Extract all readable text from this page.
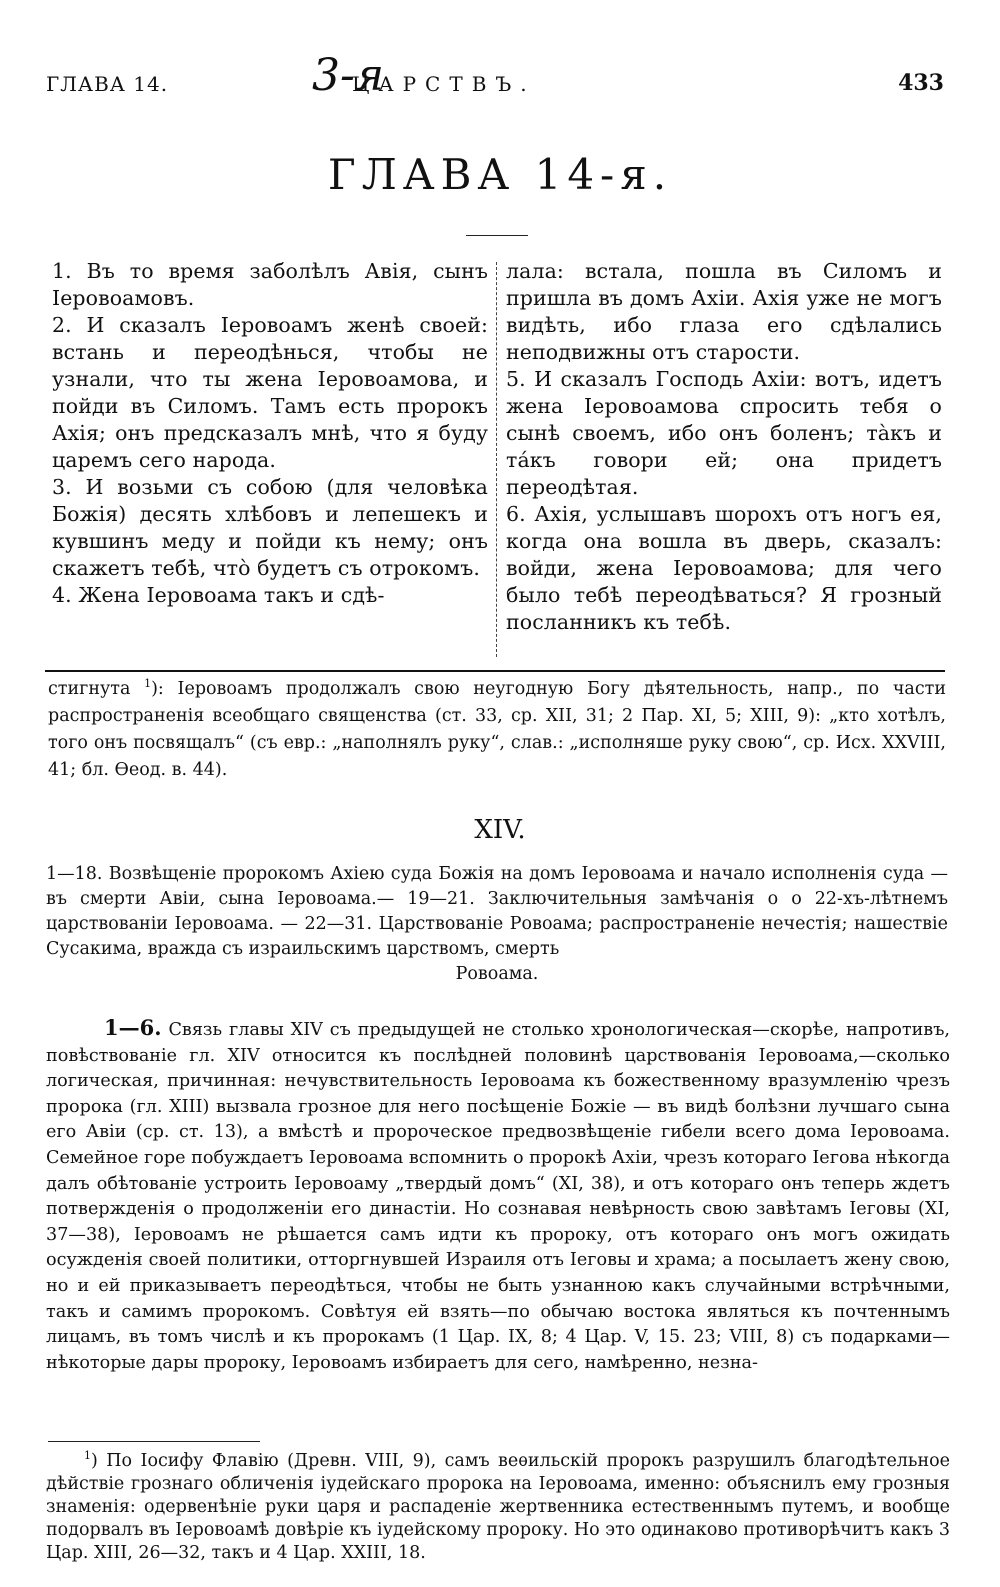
ГЛАВА 14.	3-я
ЦАРСТВЪ.	433
ГЛАВА 14-я.

1. Въ то время заболѣлъ Авія, сынъ Іеровоамовъ.

2. И сказалъ Іеровоамъ женѣ своей: встань и переодѣнься, чтобы не узнали, что ты жена Іеровоамова, и пойди въ Силомъ. Тамъ есть пророкъ Ахія; онъ предсказалъ мнѣ, что я буду царемъ сего народа.

3. И возьми съ собою (для человѣка Божія) десять хлѣбовъ и лепешекъ и кувшинъ меду и пойди къ нему; онъ скажетъ тебѣ, что̀ будетъ съ отрокомъ.

4. Жена Іеровоама такъ и сдѣ-

лала: встала, пошла въ Силомъ и пришла въ домъ Ахіи. Ахія уже не могъ видѣть, ибо глаза его сдѣлались неподвижны отъ старости.

5. И сказалъ Господь Ахіи: вотъ, идетъ жена Іеровоамова спросить тебя о сынѣ своемъ, ибо онъ боленъ; та̀къ и та́къ говори ей; она придетъ переодѣтая.

6. Ахія, услышавъ шорохъ отъ ногъ ея, когда она вошла въ дверь, сказалъ: войди, жена Іеровоамова; для чего было тебѣ переодѣваться? Я грозный посланникъ къ тебѣ.

стигнута $^1$): Іеровоамъ продолжалъ свою неугодную Богу дѣятельность, напр., по части распространенія всеобщаго священства (ст. 33, ср. XII, 31; 2 Пар. XI, 5; XIII, 9): „кто хотѣлъ, того онъ посвящалъ“ (съ евр.: „наполнялъ руку“, слав.: „исполняше руку свою“, ср. Исх. XXVIII, 41; бл. Ѳеод. в. 44).
XIV.
1—18. Возвѣщеніе пророкомъ Ахіею суда Божія на домъ Іеровоама и начало исполненія суда — въ смерти Авіи, сына Іеровоама.— 19—21. Заключительныя замѣчанія о о 22-хъ-лѣтнемъ царствованіи Іеровоама. — 22—31. Царствованіе Ровоама; распространеніе нечестія; нашествіе Сусакима, вражда съ израильскимъ царствомъ, смерть
Ровоама.
1—6. Связь главы XIV съ предыдущей не столько хронологическая—скорѣе, напротивъ, повѣствованіе гл. XIV относится къ послѣдней половинѣ царствованія Іеровоама,—сколько логическая, причинная: нечувствительность Іеровоама къ божественному вразумленію чрезъ пророка (гл. XIII) вызвала грозное для него посѣщеніе Божіе — въ видѣ болѣзни лучшаго сына его Авіи (ср. ст. 13), а вмѣстѣ и пророческое предвозвѣщеніе гибели всего дома Іеровоама. Семейное горе побуждаетъ Іеровоама вспомнить о пророкѣ Ахіи, чрезъ котораго Іегова нѣкогда далъ обѣтованіе устроить Іеровоаму „твердый домъ“ (XI, 38), и отъ котораго онъ теперь ждетъ потвержденія о продолженіи его династіи. Но сознавая невѣрность свою завѣтамъ Іеговы (XI, 37—38), Іеровоамъ не рѣшается самъ идти къ пророку, отъ котораго онъ могъ ожидать осужденія своей политики, отторгнувшей Израиля отъ Іеговы и храма; а посылаетъ жену свою, но и ей приказываетъ переодѣться, чтобы не быть узнанною какъ случайными встрѣчными, такъ и самимъ пророкомъ. Совѣтуя ей взять—по обычаю востока являться къ почтеннымъ лицамъ, въ томъ числѣ и къ пророкамъ (1 Цар. IX, 8; 4 Цар. V, 15. 23; VIII, 8) съ подарками—нѣкоторые дары пророку, Іеровоамъ избираетъ для сего, намѣренно, незна-
$^1$) По Іосифу Флавію (Древн. VIII, 9), самъ веѳильскій пророкъ разрушилъ благодѣтельное дѣйствіе грознаго обличенія іудейскаго пророка на Іеровоама, именно: объяснилъ ему грозныя знаменія: одервенѣніе руки царя и распаденіе жертвенника естественнымъ путемъ, и вообще подорвалъ въ Іеровоамѣ довѣріе къ іудейскому пророку. Но это одинаково противорѣчитъ какъ 3 Цар. XIII, 26—32, такъ и 4 Цар. XXIII, 18.
